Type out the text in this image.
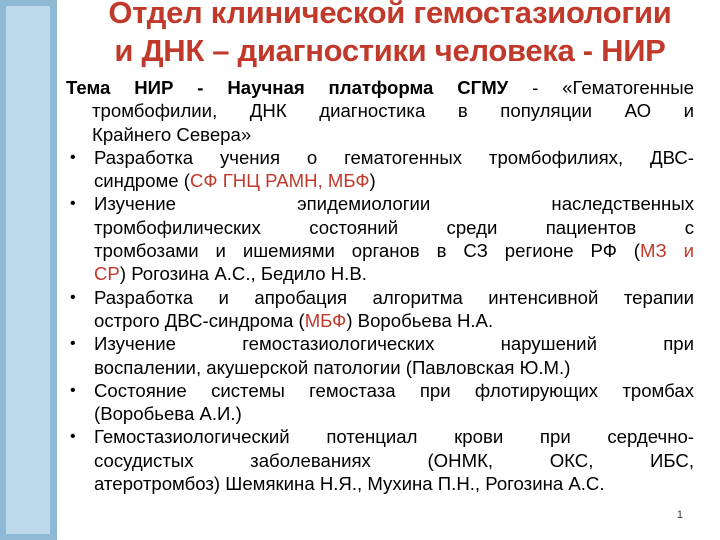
Отдел клинической гемостазиологии
и ДНК – диагностики человека - НИР
Тема НИР - Научная платформа СГМУ - «Гематогенные
тромбофилии, ДНК диагностика в популяции АО и
Крайнего Севера»
• Разработка учения о гематогенных тромбофилиях, ДВС-
синдроме (СФ ГНЦ РАМН, МБФ)
• Изучение эпидемиологии наследственных
тромбофилических состояний среди пациентов с
тромбозами и ишемиями органов в СЗ регионе РФ (МЗ и
СР) Рогозина А.С., Бедило Н.В.
• Разработка и апробация алгоритма интенсивной терапии
острого ДВС-синдрома (МБФ) Воробьева Н.А.
• Изучение гемостазиологических нарушений при
воспалении, акушерской патологии (Павловская Ю.М.)
• Состояние системы гемостаза при флотирующих тромбах
(Воробьева А.И.)
• Гемостазиологический потенциал крови при сердечно-
сосудистых заболеваниях (ОНМК, ОКС, ИБС,
атеротромбоз) Шемякина Н.Я., Мухина П.Н., Рогозина А.С.
1
